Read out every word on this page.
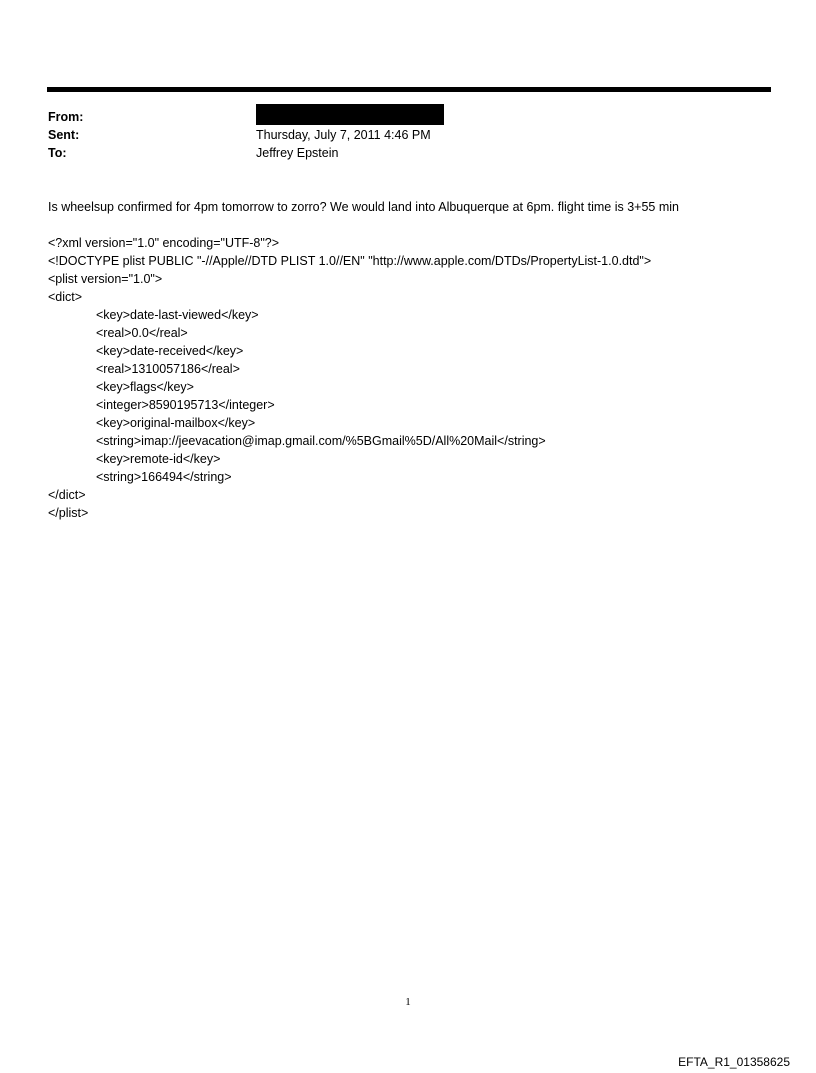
From:
Sent:	Thursday, July 7, 2011 4:46 PM
To:	Jeffrey Epstein
Is wheelsup confirmed for 4pm tomorrow to zorro? We would land into Albuquerque at 6pm. flight time is 3+55 min
<?xml version="1.0" encoding="UTF-8"?>
<!DOCTYPE plist PUBLIC "-//Apple//DTD PLIST 1.0//EN" "http://www.apple.com/DTDs/PropertyList-1.0.dtd">
<plist version="1.0">
<dict>
<key>date-last-viewed</key>
<real>0.0</real>
<key>date-received</key>
<real>1310057186</real>
<key>flags</key>
<integer>8590195713</integer>
<key>original-mailbox</key>
<string>imap://jeevacation@imap.gmail.com/%5BGmail%5D/All%20Mail</string>
<key>remote-id</key>
<string>166494</string>
</dict>
</plist>
1
EFTA_R1_01358625
